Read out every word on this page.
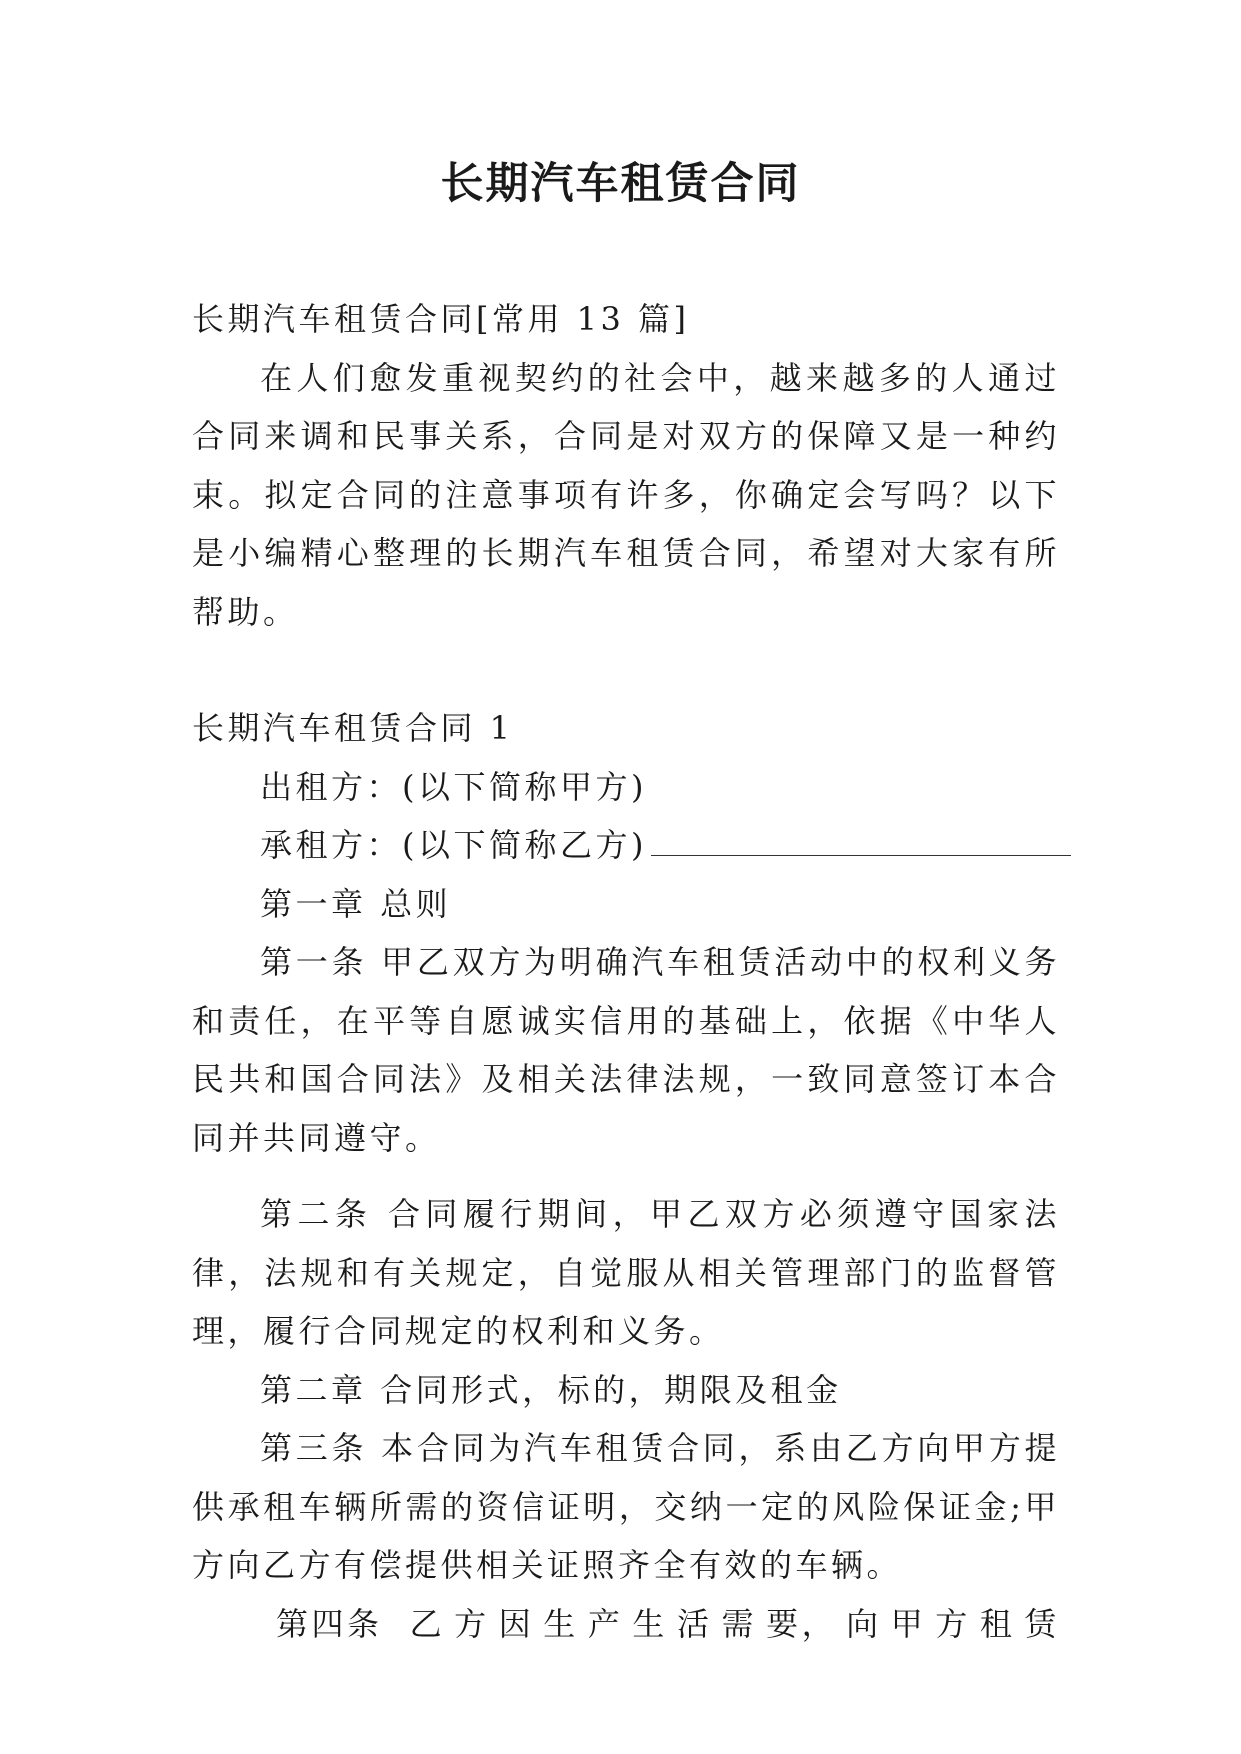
长期汽车租赁合同

长期汽车租赁合同[常用 13 篇]

在人们愈发重视契约的社会中，越来越多的人通过合同来调和民事关系，合同是对双方的保障又是一种约束。拟定合同的注意事项有许多，你确定会写吗？以下是小编精心整理的长期汽车租赁合同，希望对大家有所帮助。

长期汽车租赁合同 1

出租方：(以下简称甲方)

承租方：(以下简称乙方)

第一章 总则

第一条 甲乙双方为明确汽车租赁活动中的权利义务和责任，在平等自愿诚实信用的基础上，依据《中华人民共和国合同法》及相关法律法规，一致同意签订本合同并共同遵守。

第二条 合同履行期间，甲乙双方必须遵守国家法律，法规和有关规定，自觉服从相关管理部门的监督管理，履行合同规定的权利和义务。

第二章 合同形式，标的，期限及租金

第三条 本合同为汽车租赁合同，系由乙方向甲方提供承租车辆所需的资信证明，交纳一定的风险保证金;甲方向乙方有偿提供相关证照齐全有效的车辆。

第四条 乙 方 因 生 产 生 活 需 要， 向 甲 方 租 赁
